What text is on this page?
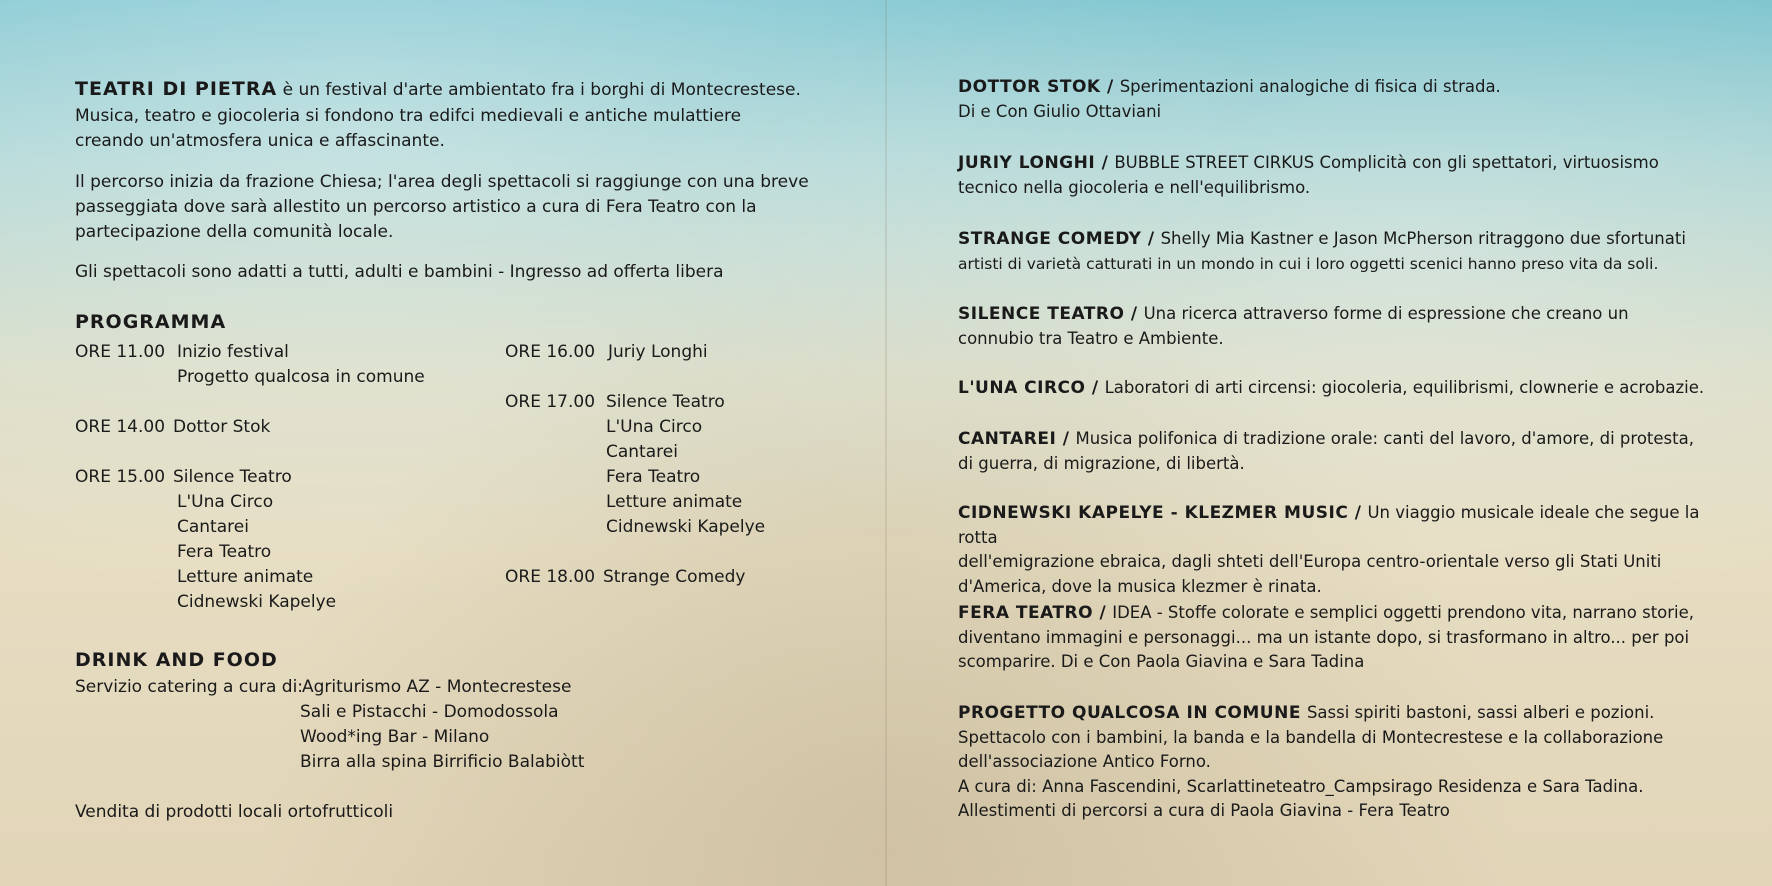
TEATRI DI PIETRA è un festival d'arte ambientato fra i borghi di Montecrestese.
Musica, teatro e giocoleria si fondono tra edifci medievali e antiche mulattiere
creando un'atmosfera unica e affascinante.
Il percorso inizia da frazione Chiesa; l'area degli spettacoli si raggiunge con una breve
passeggiata dove sarà allestito un percorso artistico a cura di Fera Teatro con la
partecipazione della comunità locale.
Gli spettacoli sono adatti a tutti, adulti e bambini - Ingresso ad offerta libera
PROGRAMMA
ORE 11.00 Inizio festival
Progetto qualcosa in comune
ORE 14.00 Dottor Stok
ORE 15.00 Silence Teatro
L'Una Circo
Cantarei
Fera Teatro
Letture animate
Cidnewski Kapelye
ORE 16.00 Juriy Longhi
ORE 17.00 Silence Teatro
L'Una Circo
Cantarei
Fera Teatro
Letture animate
Cidnewski Kapelye
ORE 18.00 Strange Comedy
DRINK AND FOOD
Servizio catering a cura di:
Agriturismo AZ - Montecrestese
Sali e Pistacchi - Domodossola
Wood*ing Bar - Milano
Birra alla spina Birrificio Balabiòtt
Vendita di prodotti locali ortofrutticoli
DOTTOR STOK / Sperimentazioni analogiche di fisica di strada.
Di e Con Giulio Ottaviani
JURIY LONGHI / BUBBLE STREET CIRKUS Complicità con gli spettatori, virtuosismo
tecnico nella giocoleria e nell'equilibrismo.
STRANGE COMEDY / Shelly Mia Kastner e Jason McPherson ritraggono due sfortunati
artisti di varietà catturati in un mondo in cui i loro oggetti scenici hanno preso vita da soli.
SILENCE TEATRO / Una ricerca attraverso forme di espressione che creano un
connubio tra Teatro e Ambiente.
L'UNA CIRCO / Laboratori di arti circensi: giocoleria, equilibrismi, clownerie e acrobazie.
CANTAREI / Musica polifonica di tradizione orale: canti del lavoro, d'amore, di protesta,
di guerra, di migrazione, di libertà.
CIDNEWSKI KAPELYE - KLEZMER MUSIC / Un viaggio musicale ideale che segue la rotta
dell'emigrazione ebraica, dagli shteti dell'Europa centro-orientale verso gli Stati Uniti
d'America, dove la musica klezmer è rinata.
FERA TEATRO / IDEA - Stoffe colorate e semplici oggetti prendono vita, narrano storie,
diventano immagini e personaggi... ma un istante dopo, si trasformano in altro... per poi
scomparire. Di e Con Paola Giavina e Sara Tadina
PROGETTO QUALCOSA IN COMUNE Sassi spiriti bastoni, sassi alberi e pozioni.
Spettacolo con i bambini, la banda e la bandella di Montecrestese e la collaborazione
dell'associazione Antico Forno.
A cura di: Anna Fascendini, Scarlattineteatro_Campsirago Residenza e Sara Tadina.
Allestimenti di percorsi a cura di Paola Giavina - Fera Teatro
